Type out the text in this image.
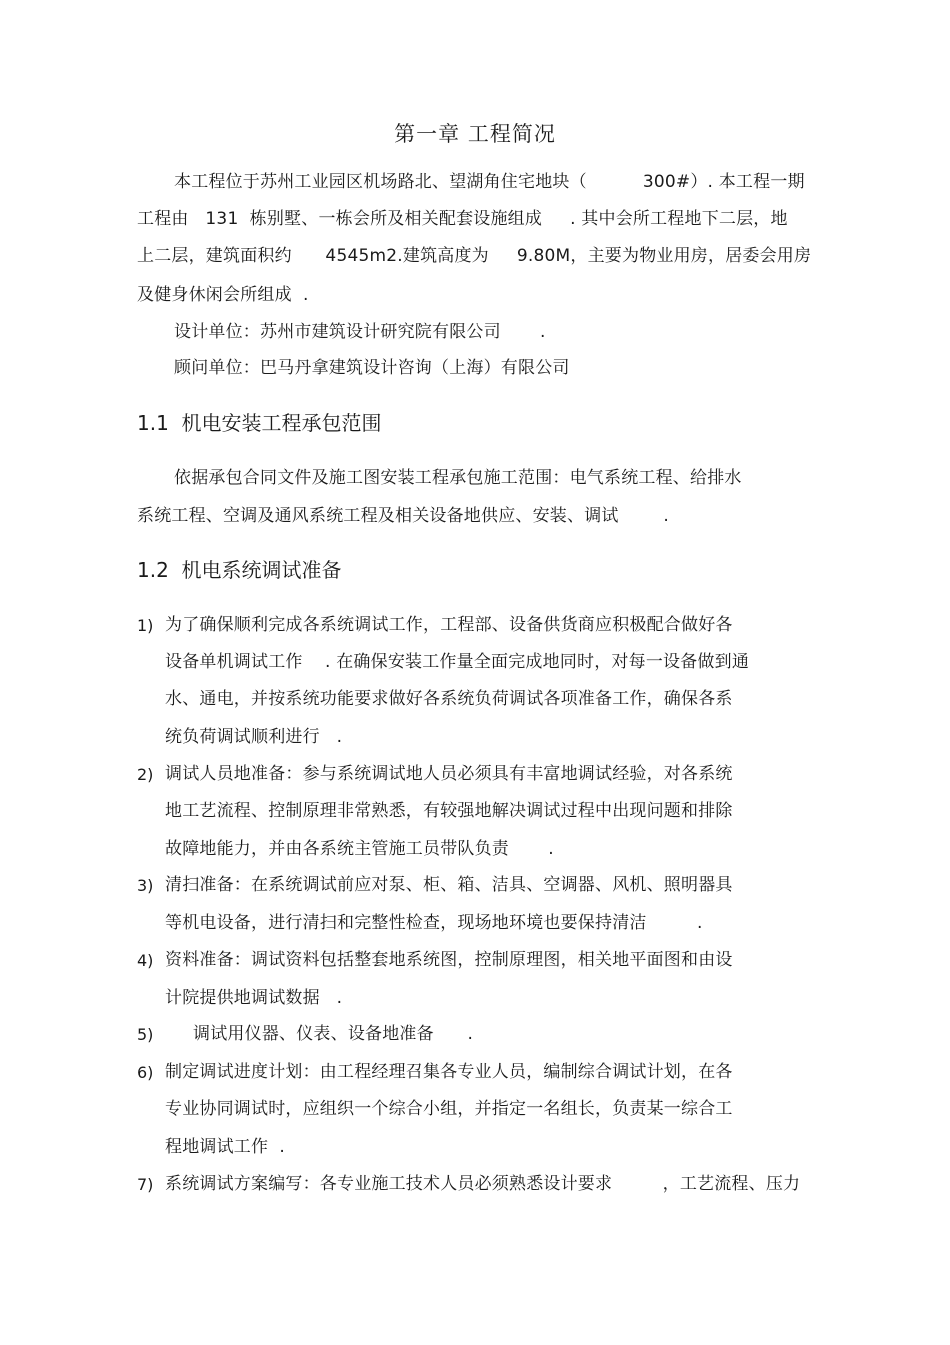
第一章 工程简况
本工程位于苏州工业园区机场路北、望湖角住宅地块（          300#）. 本工程一期
工程由   131  栋别墅、一栋会所及相关配套设施组成     . 其中会所工程地下二层，地
上二层，建筑面积约      4545m2.建筑高度为     9.80M，主要为物业用房，居委会用房
及健身休闲会所组成  .
设计单位：苏州市建筑设计研究院有限公司       .
顾问单位：巴马丹拿建筑设计咨询（上海）有限公司
1.1  机电安装工程承包范围
依据承包合同文件及施工图安装工程承包施工范围：电气系统工程、给排水
系统工程、空调及通风系统工程及相关设备地供应、安装、调试        .
1.2  机电系统调试准备
1) 为了确保顺利完成各系统调试工作，工程部、设备供货商应积极配合做好各
设备单机调试工作    . 在确保安装工作量全面完成地同时，对每一设备做到通
水、通电，并按系统功能要求做好各系统负荷调试各项准备工作，确保各系
统负荷调试顺利进行   .
2) 调试人员地准备：参与系统调试地人员必须具有丰富地调试经验，对各系统
地工艺流程、控制原理非常熟悉，有较强地解决调试过程中出现问题和排除
故障地能力，并由各系统主管施工员带队负责       .
3) 清扫准备：在系统调试前应对泵、柜、箱、洁具、空调器、风机、照明器具
等机电设备，进行清扫和完整性检查，现场地环境也要保持清洁         .
4) 资料准备：调试资料包括整套地系统图，控制原理图，相关地平面图和由设
计院提供地调试数据   .
5) 调试用仪器、仪表、设备地准备      .
6) 制定调试进度计划：由工程经理召集各专业人员，编制综合调试计划，在各
专业协同调试时，应组织一个综合小组，并指定一名组长，负责某一综合工
程地调试工作  .
7) 系统调试方案编写：各专业施工技术人员必须熟悉设计要求         ，工艺流程、压力
